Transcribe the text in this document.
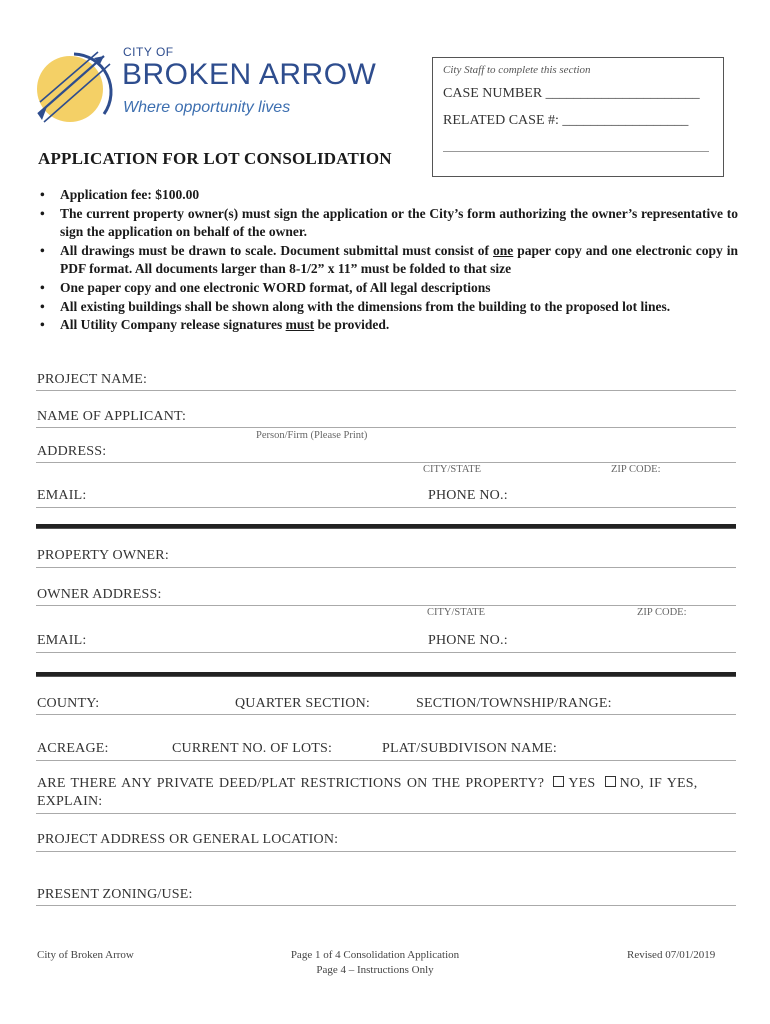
CITY OF
BROKEN ARROW
Where opportunity lives
City Staff to complete this section
CASE NUMBER ______________________
RELATED CASE #: __________________
APPLICATION FOR LOT CONSOLIDATION
• Application fee: $100.00
• The current property owner(s) must sign the application or the City’s form authorizing the owner’s representative to sign the application on behalf of the owner.
• All drawings must be drawn to scale. Document submittal must consist of one paper copy and one electronic copy in PDF format. All documents larger than 8-1/2” x 11” must be folded to that size
• One paper copy and one electronic WORD format, of All legal descriptions
• All existing buildings shall be shown along with the dimensions from the building to the proposed lot lines.
• All Utility Company release signatures must be provided.
PROJECT NAME:
NAME OF APPLICANT:
Person/Firm (Please Print)
ADDRESS:
CITY/STATE	ZIP CODE:
EMAIL:	PHONE NO.:
PROPERTY OWNER:
OWNER ADDRESS:
CITY/STATE	ZIP CODE:
EMAIL:	PHONE NO.:
COUNTY:	QUARTER SECTION:	SECTION/TOWNSHIP/RANGE:
ACREAGE:	CURRENT NO. OF LOTS:	PLAT/SUBDIVISON NAME:
ARE THERE ANY PRIVATE DEED/PLAT RESTRICTIONS ON THE PROPERTY? YES NO, IF YES,
EXPLAIN:
PROJECT ADDRESS OR GENERAL LOCATION:
PRESENT ZONING/USE:
City of Broken Arrow	Page 1 of 4 Consolidation Application
Page 4 – Instructions Only
Revised 07/01/2019
